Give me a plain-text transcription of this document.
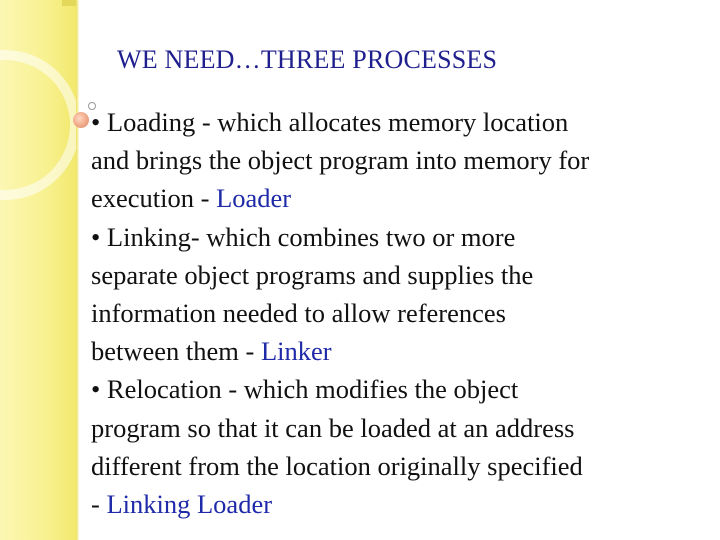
WE NEED…THREE PROCESSES
• Loading - which allocates memory location
and brings the object program into memory for
execution - Loader
• Linking- which combines two or more
separate object programs and supplies the
information needed to allow references
between them - Linker
• Relocation - which modifies the object
program so that it can be loaded at an address
different from the location originally specified
- Linking Loader
